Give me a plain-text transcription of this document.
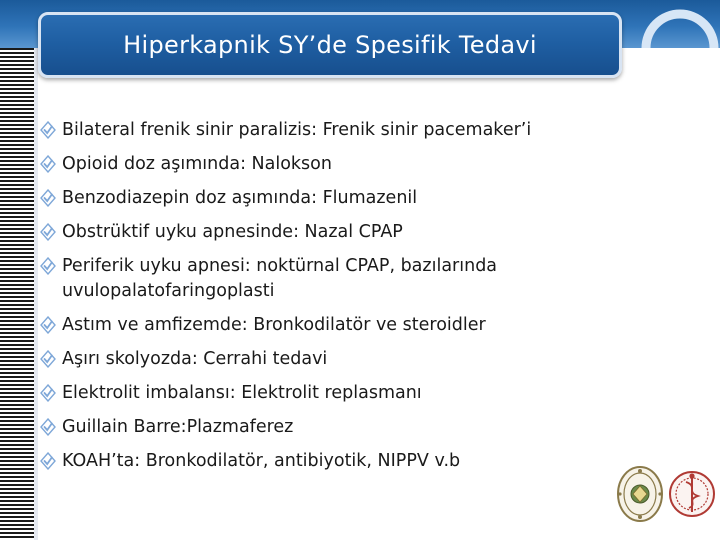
Hiperkapnik SY’de Spesifik Tedavi
Bilateral frenik sinir paralizis: Frenik sinir pacemaker’i
Opioid doz aşımında: Nalokson
Benzodiazepin doz aşımında: Flumazenil
Obstrüktif uyku apnesinde: Nazal CPAP
Periferik uyku apnesi: noktürnal CPAP, bazılarında uvulopalatofaringoplasti
Astım ve amfizemde: Bronkodilatör ve steroidler
Aşırı skolyozda: Cerrahi tedavi
Elektrolit imbalansı: Elektrolit replasmanı
Guillain Barre:Plazmaferez
KOAH’ta: Bronkodilatör, antibiyotik, NIPPV v.b
